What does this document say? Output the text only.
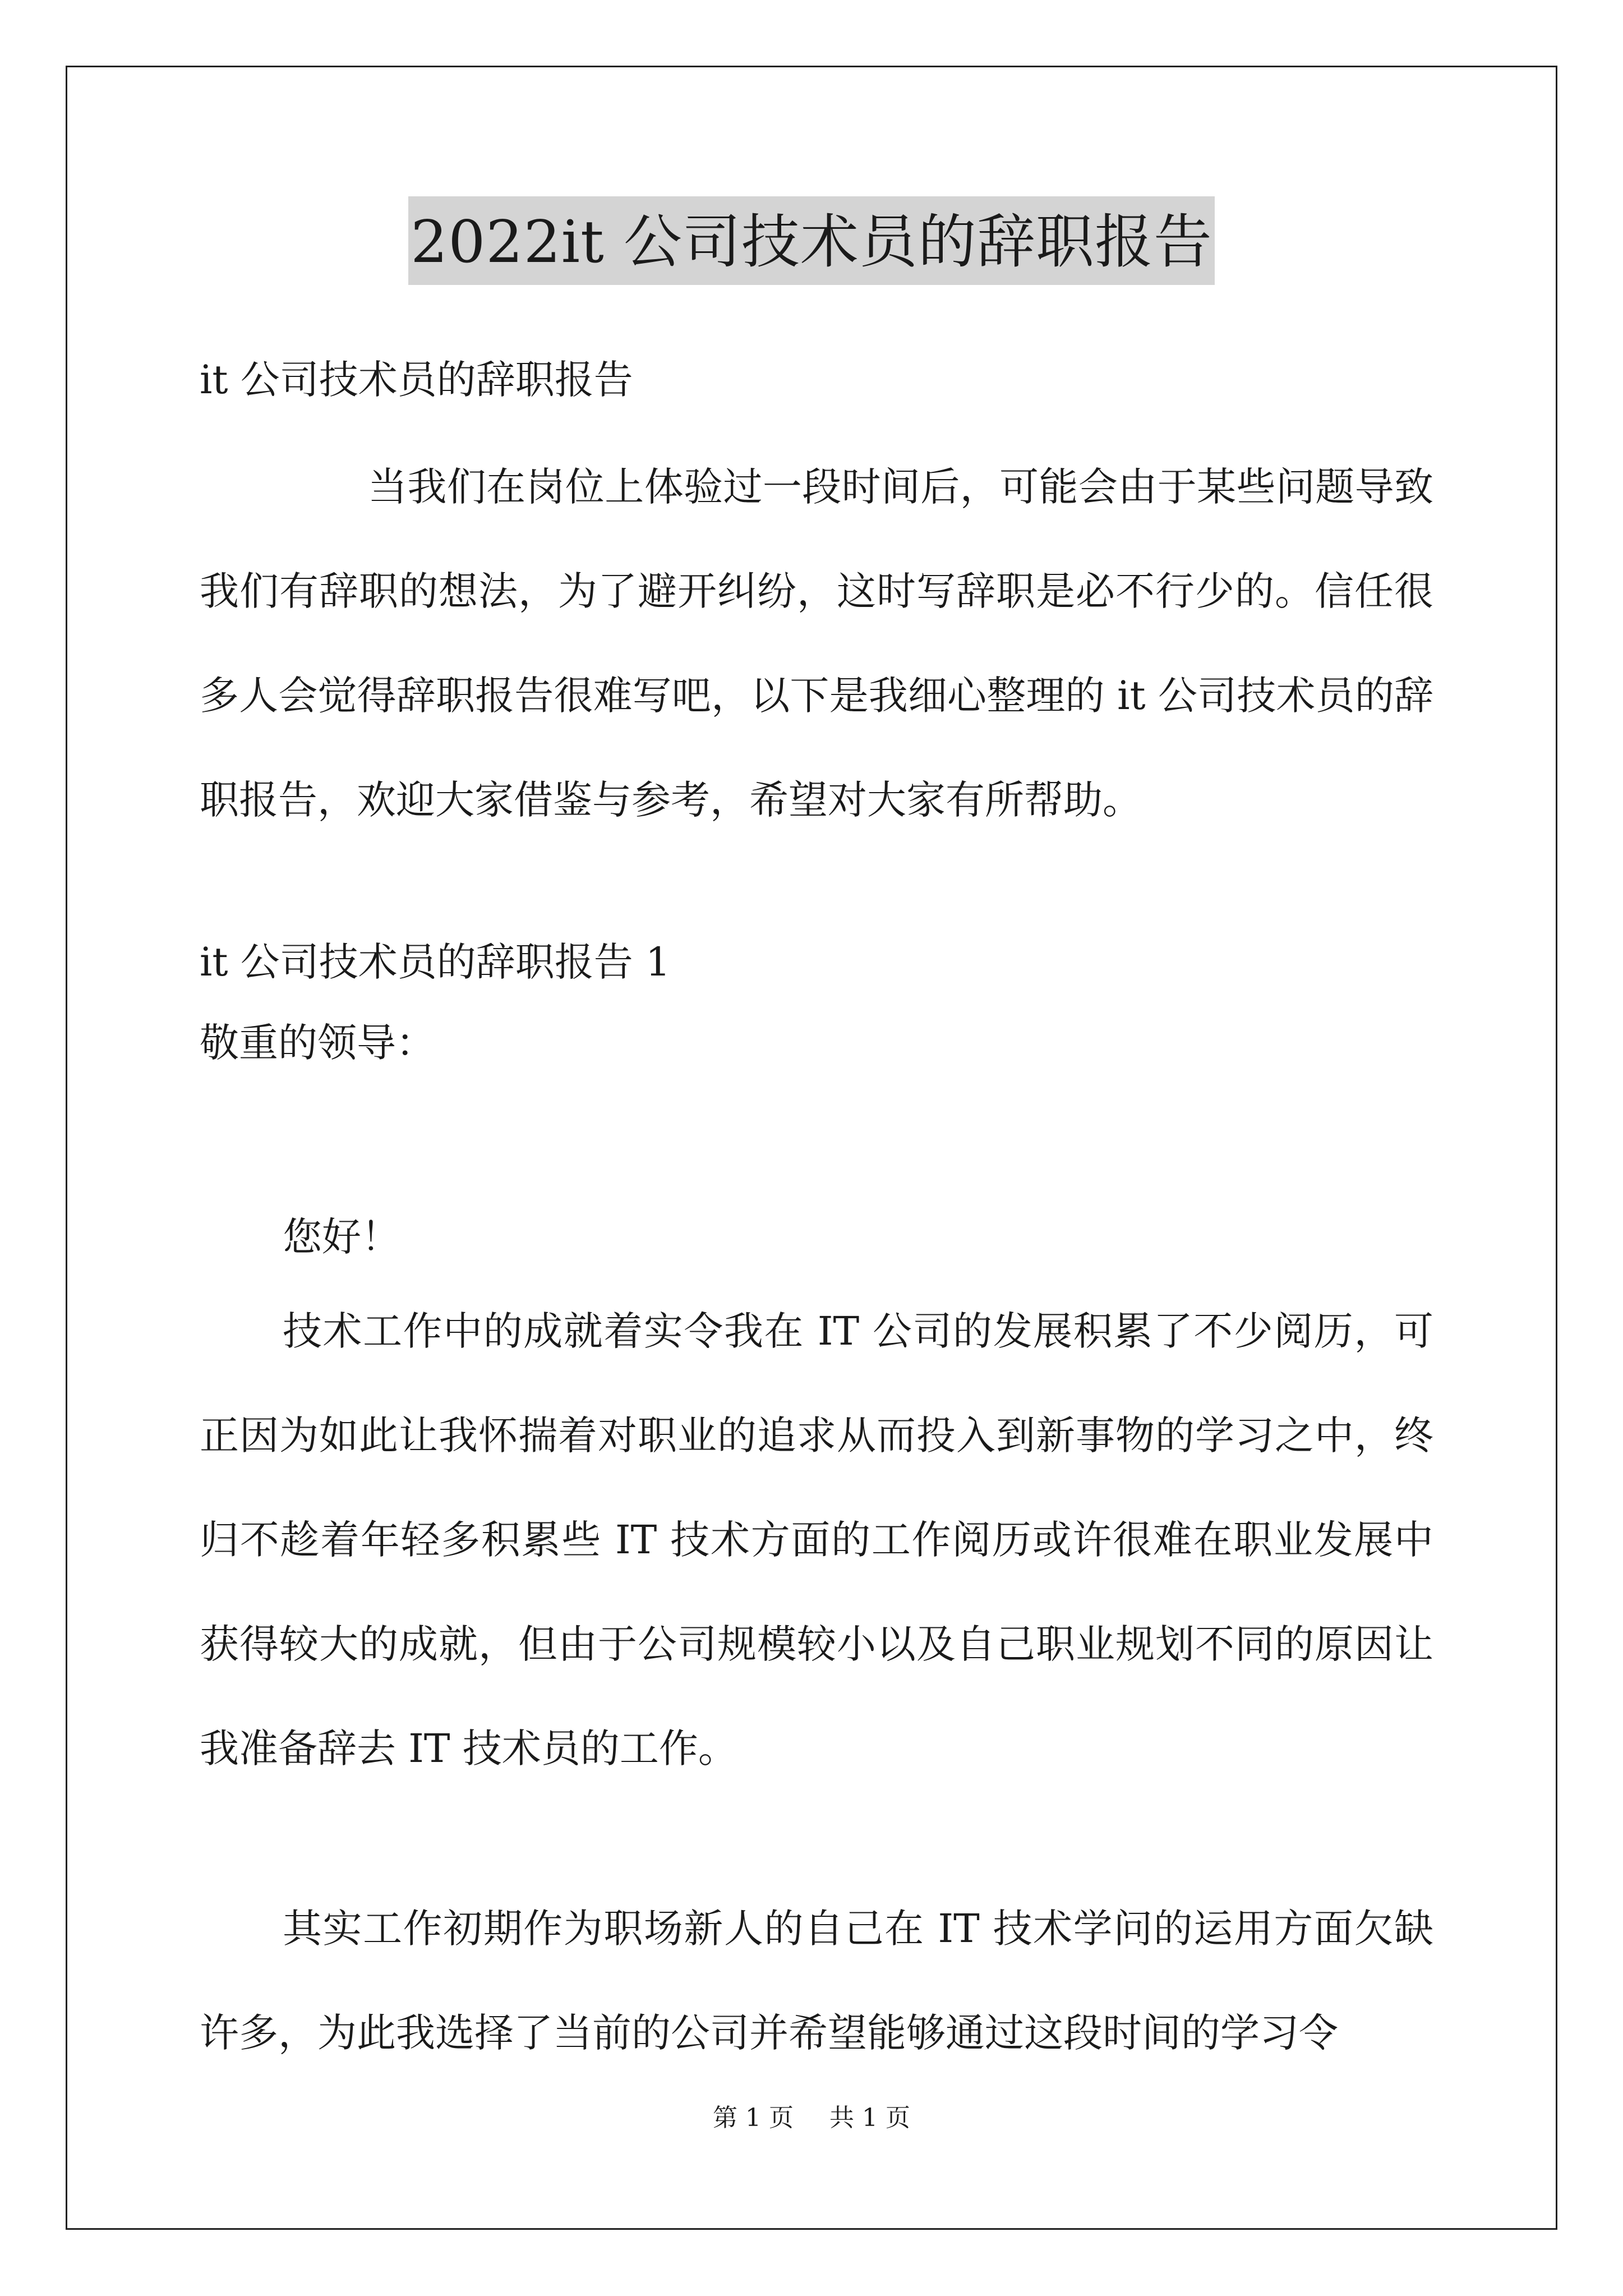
2022it 公司技术员的辞职报告

it 公司技术员的辞职报告

当我们在岗位上体验过一段时间后，可能会由于某些问题导致我们有辞职的想法，为了避开纠纷，这时写辞职是必不行少的。信任很多人会觉得辞职报告很难写吧，以下是我细心整理的 it 公司技术员的辞职报告，欢迎大家借鉴与参考，希望对大家有所帮助。

it 公司技术员的辞职报告 1

敬重的领导：

您好！

技术工作中的成就着实令我在 IT 公司的发展积累了不少阅历，可正因为如此让我怀揣着对职业的追求从而投入到新事物的学习之中，终归不趁着年轻多积累些 IT 技术方面的工作阅历或许很难在职业发展中获得较大的成就，但由于公司规模较小以及自己职业规划不同的原因让我准备辞去 IT 技术员的工作。

其实工作初期作为职场新人的自己在 IT 技术学问的运用方面欠缺许多，为此我选择了当前的公司并希望能够通过这段时间的学习令

第 1 页 共 1 页
